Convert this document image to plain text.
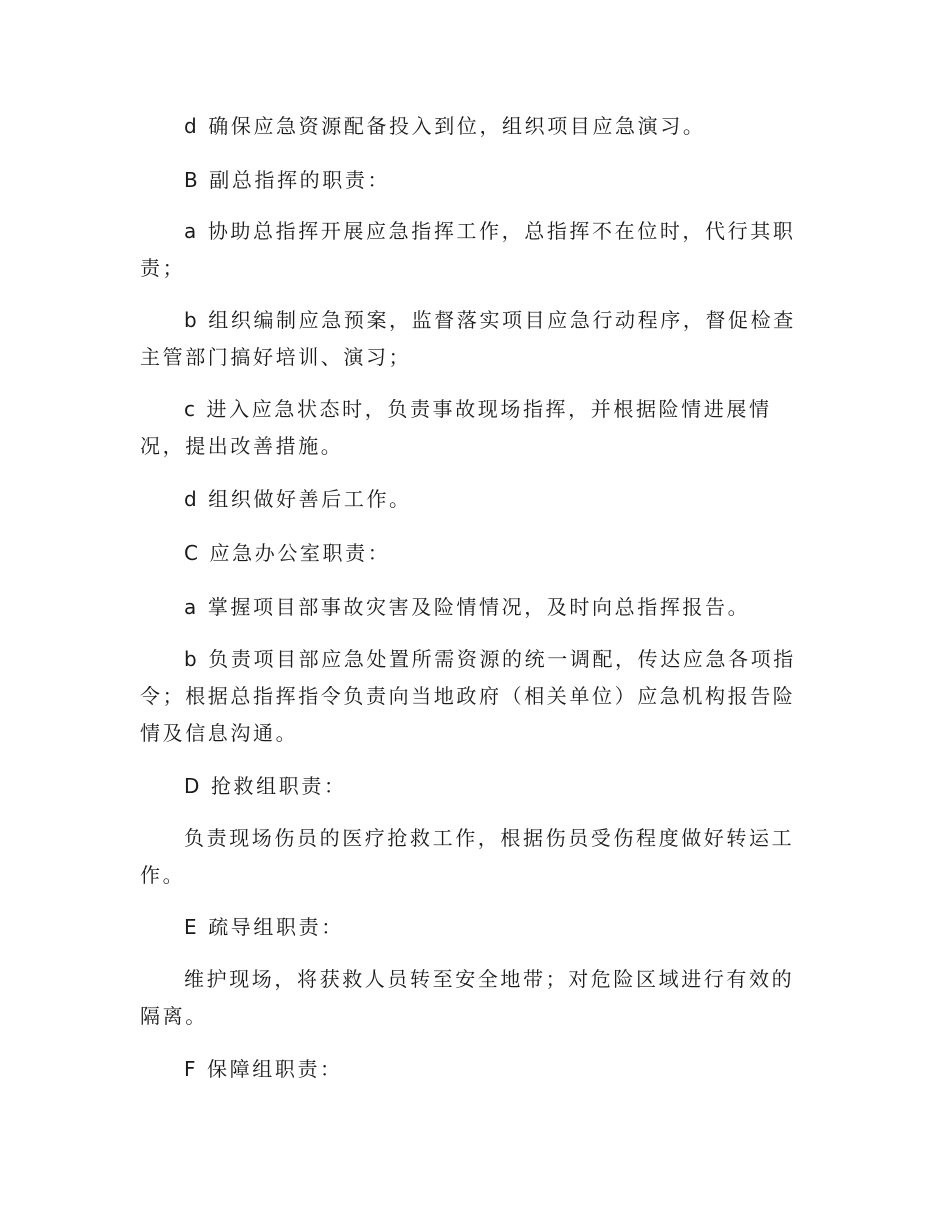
d 确保应急资源配备投入到位，组织项目应急演习。

B 副总指挥的职责：

a 协助总指挥开展应急指挥工作，总指挥不在位时，代行其职责；

b 组织编制应急预案，监督落实项目应急行动程序，督促检查主管部门搞好培训、演习；

c 进入应急状态时，负责事故现场指挥，并根据险情进展情况，提出改善措施。

d 组织做好善后工作。

C 应急办公室职责：

a 掌握项目部事故灾害及险情情况，及时向总指挥报告。

b 负责项目部应急处置所需资源的统一调配，传达应急各项指令；根据总指挥指令负责向当地政府（相关单位）应急机构报告险情及信息沟通。

D 抢救组职责：

负责现场伤员的医疗抢救工作，根据伤员受伤程度做好转运工作。

E 疏导组职责：

维护现场，将获救人员转至安全地带；对危险区域进行有效的隔离。

F 保障组职责：
